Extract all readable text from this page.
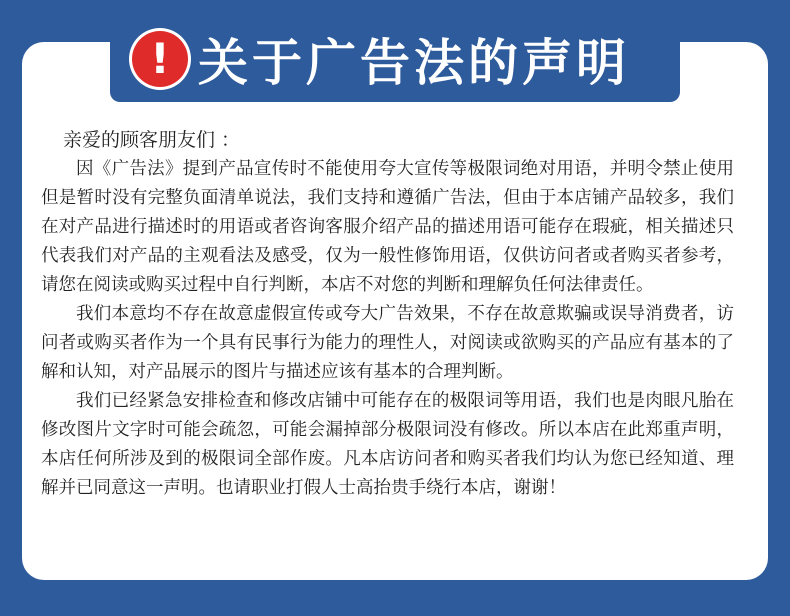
! 关于广告法的声明

亲爱的顾客朋友们 ：

因《广告法》提到产品宣传时不能使用夸大宣传等极限词绝对用语，并明令禁止使用但是暂时没有完整负面清单说法，我们支持和遵循广告法，但由于本店铺产品较多，我们在对产品进行描述时的用语或者咨询客服介绍产品的描述用语可能存在瑕疵，相关描述只代表我们对产品的主观看法及感受，仅为一般性修饰用语，仅供访问者或者购买者参考，请您在阅读或购买过程中自行判断，本店不对您的判断和理解负任何法律责任。

我们本意均不存在故意虚假宣传或夸大广告效果，不存在故意欺骗或误导消费者，访问者或购买者作为一个具有民事行为能力的理性人，对阅读或欲购买的产品应有基本的了解和认知，对产品展示的图片与描述应该有基本的合理判断。

我们已经紧急安排检查和修改店铺中可能存在的极限词等用语，我们也是肉眼凡胎在修改图片文字时可能会疏忽，可能会漏掉部分极限词没有修改。所以本店在此郑重声明，本店任何所涉及到的极限词全部作废。凡本店访问者和购买者我们均认为您已经知道、理解并已同意这一声明。也请职业打假人士高抬贵手绕行本店，谢谢！
